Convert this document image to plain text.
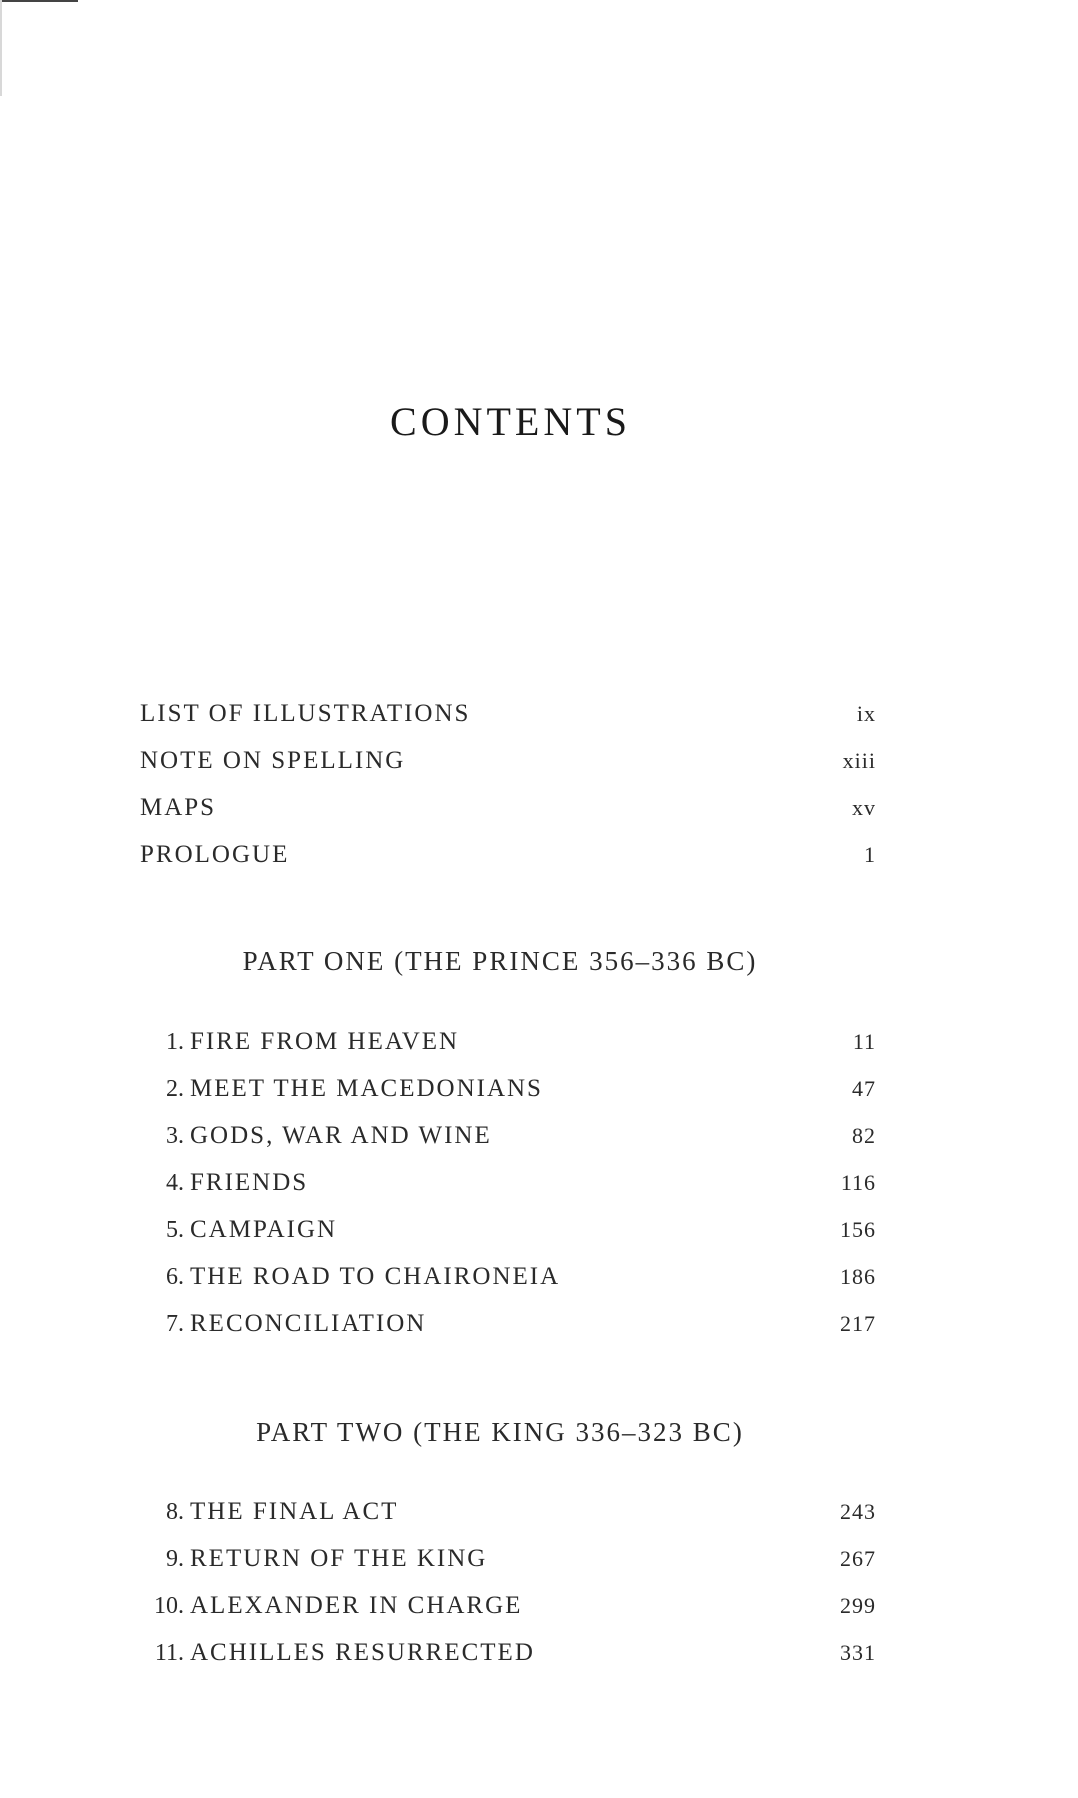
CONTENTS
LIST OF ILLUSTRATIONS	ix
NOTE ON SPELLING	xiii
MAPS	xv
PROLOGUE	1
PART ONE (THE PRINCE 356–336 BC)
1. FIRE FROM HEAVEN	11
2. MEET THE MACEDONIANS	47
3. GODS, WAR AND WINE	82
4. FRIENDS	116
5. CAMPAIGN	156
6. THE ROAD TO CHAIRONEIA	186
7. RECONCILIATION	217
PART TWO (THE KING 336–323 BC)
8. THE FINAL ACT	243
9. RETURN OF THE KING	267
10. ALEXANDER IN CHARGE	299
11. ACHILLES RESURRECTED	331
